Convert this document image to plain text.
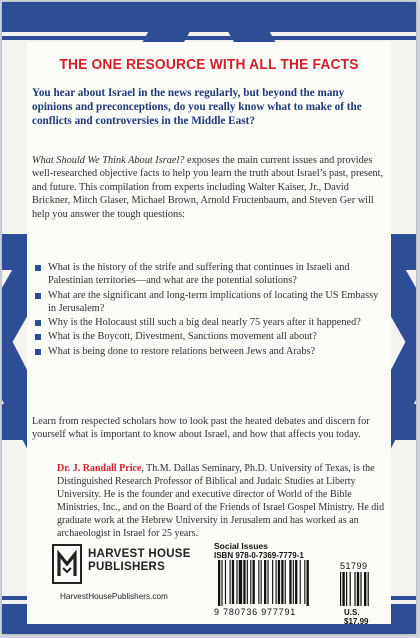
THE ONE RESOURCE WITH ALL THE FACTS
You hear about Israel in the news regularly, but beyond the many opinions and preconceptions, do you really know what to make of the conflicts and controversies in the Middle East?
What Should We Think About Israel? exposes the main current issues and provides well-researched objective facts to help you learn the truth about Israel’s past, present, and future. This compilation from experts including Walter Kaiser, Jr., David Brickner, Mitch Glaser, Michael Brown, Arnold Fructenbaum, and Steven Ger will help you answer the tough questions:
What is the history of the strife and suffering that continues in Israeli and Palestinian territories—and what are the potential solutions?
What are the significant and long-term implications of locating the US Embassy in Jerusalem?
Why is the Holocaust still such a big deal nearly 75 years after it happened?
What is the Boycott, Divestment, Sanctions movement all about?
What is being done to restore relations between Jews and Arabs?
Learn from respected scholars how to look past the heated debates and discern for yourself what is important to know about Israel, and how that affects you today.
Dr. J. Randall Price, Th.M. Dallas Seminary, Ph.D. University of Texas, is the Distinguished Research Professor of Biblical and Judaic Studies at Liberty University. He is the founder and executive director of World of the Bible Ministries, Inc., and on the Board of the Friends of Israel Gospel Ministry. He did graduate work at the Hebrew University in Jerusalem and has worked as an archaeologist in Israel for 25 years.
HARVEST HOUSE
PUBLISHERS
HarvestHousePublishers.com
Social Issues
ISBN 978-0-7369-7779-1
51799
9 780736 977791	U.S. $17.99
